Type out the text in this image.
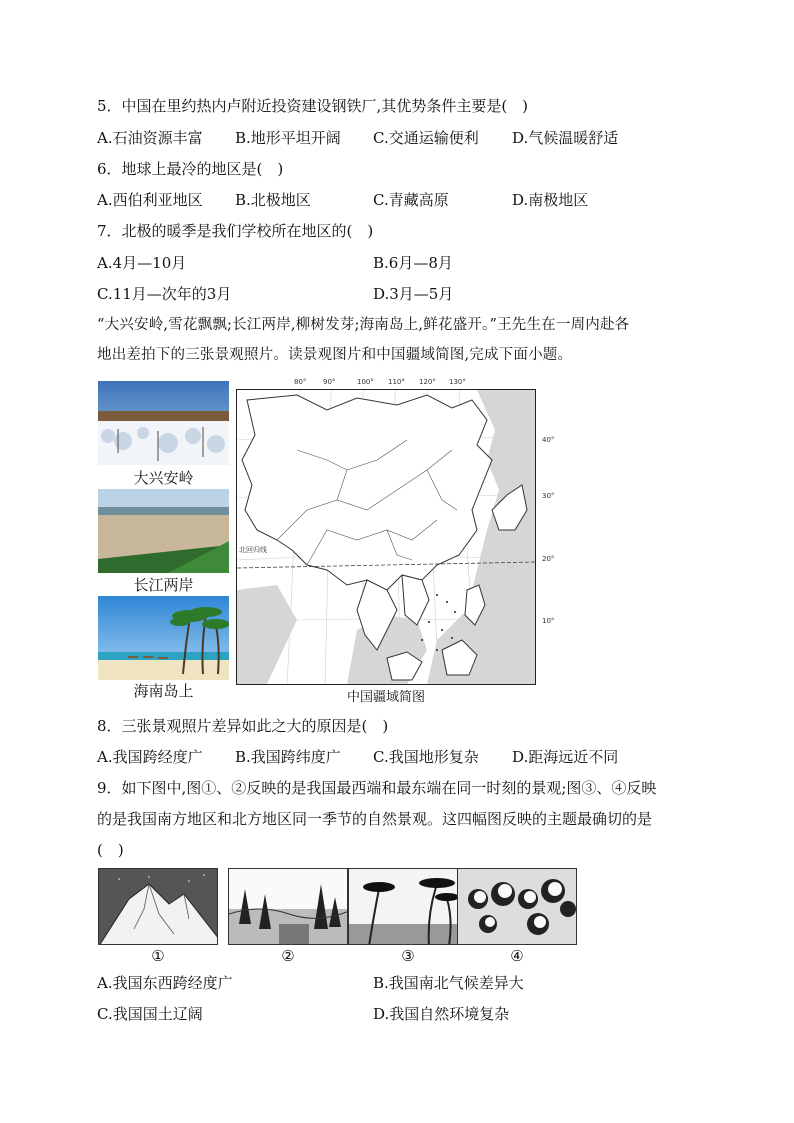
5．中国在里约热内卢附近投资建设钢铁厂,其优势条件主要是(　)
A.石油资源丰富 B.地形平坦开阔 C.交通运输便利 D.气候温暖舒适
6．地球上最冷的地区是(　)
A.西伯利亚地区 B.北极地区	C.青藏高原	D.南极地区
7．北极的暖季是我们学校所在地区的(　)
A.4月—10月	B.6月—8月
C.11月—次年的3月	D.3月—5月
“大兴安岭,雪花飘飘;长江两岸,柳树发芽;海南岛上,鲜花盛开。”王先生在一周内赴各
地出差拍下的三张景观照片。读景观图片和中国疆域简图,完成下面小题。
大兴安岭
长江两岸
海南岛上
80° 90°	100° 110° 120° 130°
40°
30°
20°
10°
北回归线
中国疆域简图
8．三张景观照片差异如此之大的原因是(　)
A.我国跨经度广 B.我国跨纬度广 C.我国地形复杂 D.距海远近不同
9．如下图中,图①、②反映的是我国最西端和最东端在同一时刻的景观;图③、④反映
的是我国南方地区和北方地区同一季节的自然景观。这四幅图反映的主题最确切的是
(　)
①	②	③	④
A.我国东西跨经度广	B.我国南北气候差异大
C.我国国土辽阔	D.我国自然环境复杂
